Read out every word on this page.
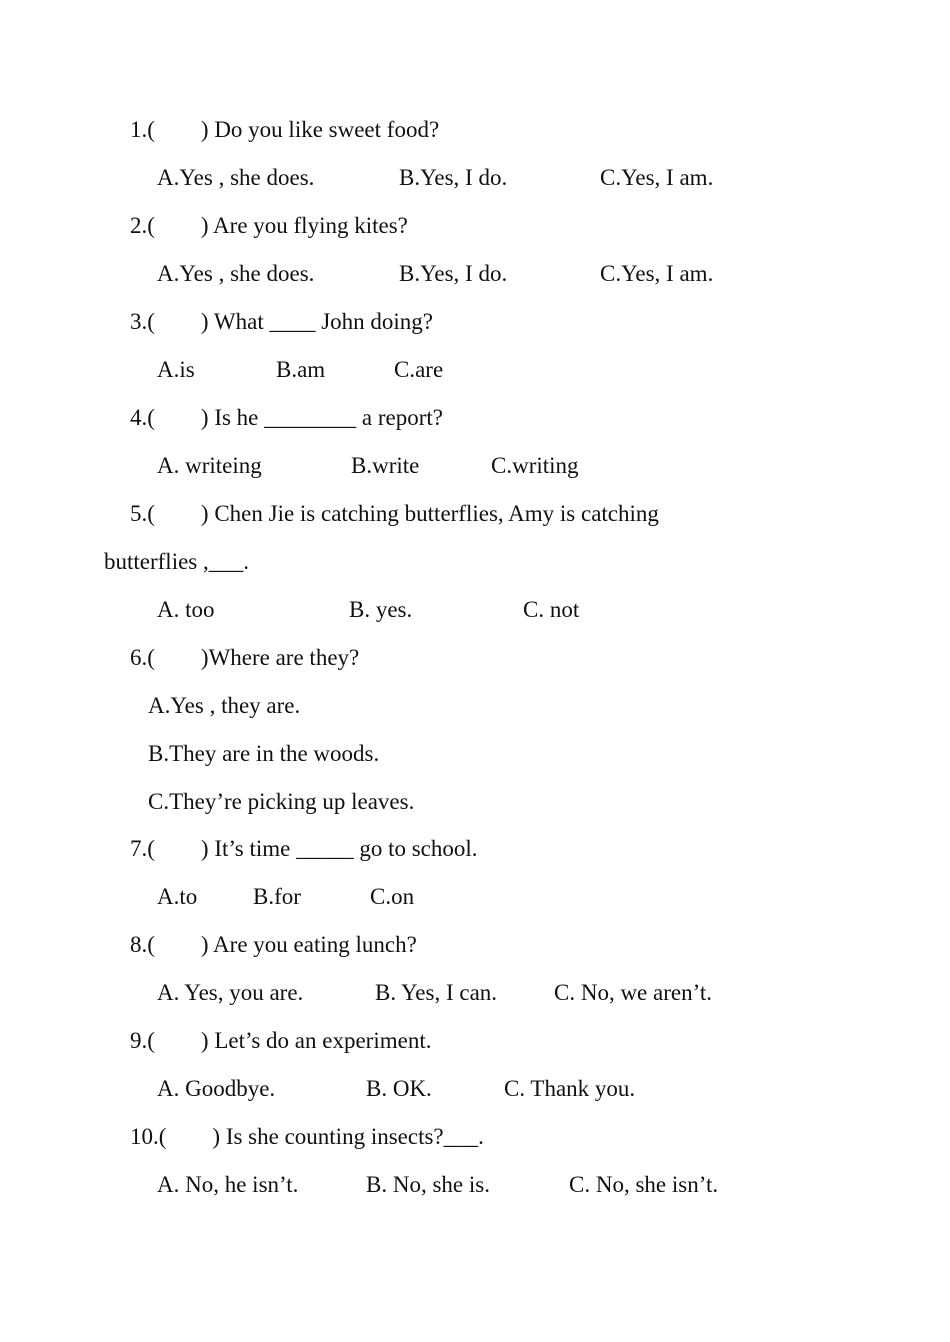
1.(        ) Do you like sweet food?
A.Yes , she does.	B.Yes, I do.	C.Yes, I am.
2.(        ) Are you flying kites?
A.Yes , she does.	B.Yes, I do.	C.Yes, I am.
3.(        ) What ____ John doing?
A.is	B.am	C.are
4.(        ) Is he ________ a report?
A. writeing	B.write	C.writing
5.(        ) Chen Jie is catching butterflies, Amy is catching
butterflies ,___.
A. too	B. yes.	C. not
6.(        )Where are they?
A.Yes , they are.
B.They are in the woods.
C.They’re picking up leaves.
7.(        ) It’s time _____ go to school.
A.to B.for	C.on
8.(        ) Are you eating lunch?
A. Yes, you are.	B. Yes, I can. C. No, we aren’t.
9.(        ) Let’s do an experiment.
A. Goodbye.	B. OK.	C. Thank you.
10.(        ) Is she counting insects?___.
A. No, he isn’t.	B. No, she is.	C. No, she isn’t.
